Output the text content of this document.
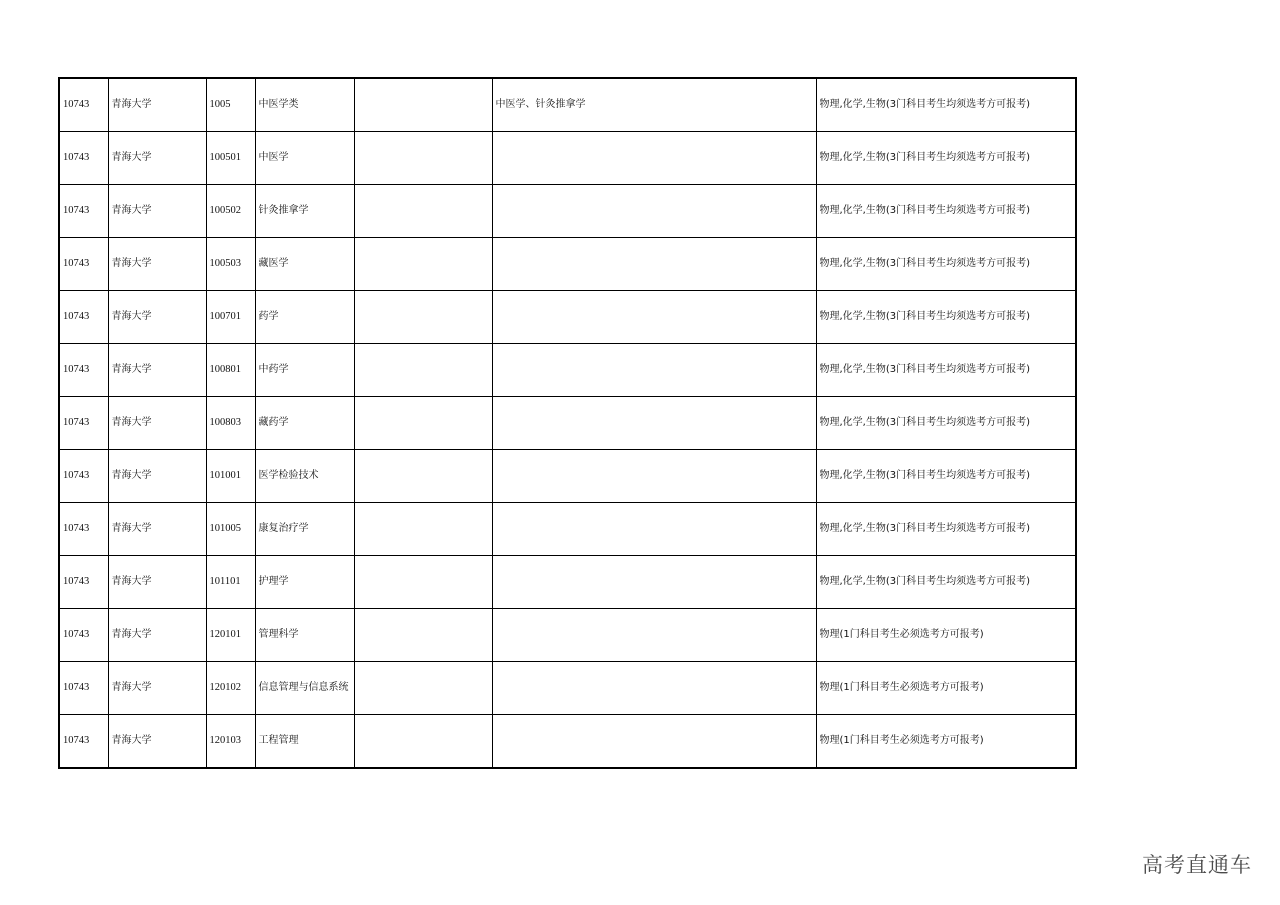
10743	青海大学	1005	中医学类		中医学、针灸推拿学	物理,化学,生物(3门科目考生均须选考方可报考)
10743	青海大学	100501	中医学			物理,化学,生物(3门科目考生均须选考方可报考)
10743	青海大学	100502	针灸推拿学			物理,化学,生物(3门科目考生均须选考方可报考)
10743	青海大学	100503	藏医学			物理,化学,生物(3门科目考生均须选考方可报考)
10743	青海大学	100701	药学			物理,化学,生物(3门科目考生均须选考方可报考)
10743	青海大学	100801	中药学			物理,化学,生物(3门科目考生均须选考方可报考)
10743	青海大学	100803	藏药学			物理,化学,生物(3门科目考生均须选考方可报考)
10743	青海大学	101001	医学检验技术			物理,化学,生物(3门科目考生均须选考方可报考)
10743	青海大学	101005	康复治疗学			物理,化学,生物(3门科目考生均须选考方可报考)
10743	青海大学	101101	护理学			物理,化学,生物(3门科目考生均须选考方可报考)
10743	青海大学	120101	管理科学			物理(1门科目考生必须选考方可报考)
10743	青海大学	120102	信息管理与信息系统			物理(1门科目考生必须选考方可报考)
10743	青海大学	120103	工程管理			物理(1门科目考生必须选考方可报考)
高考直通车
